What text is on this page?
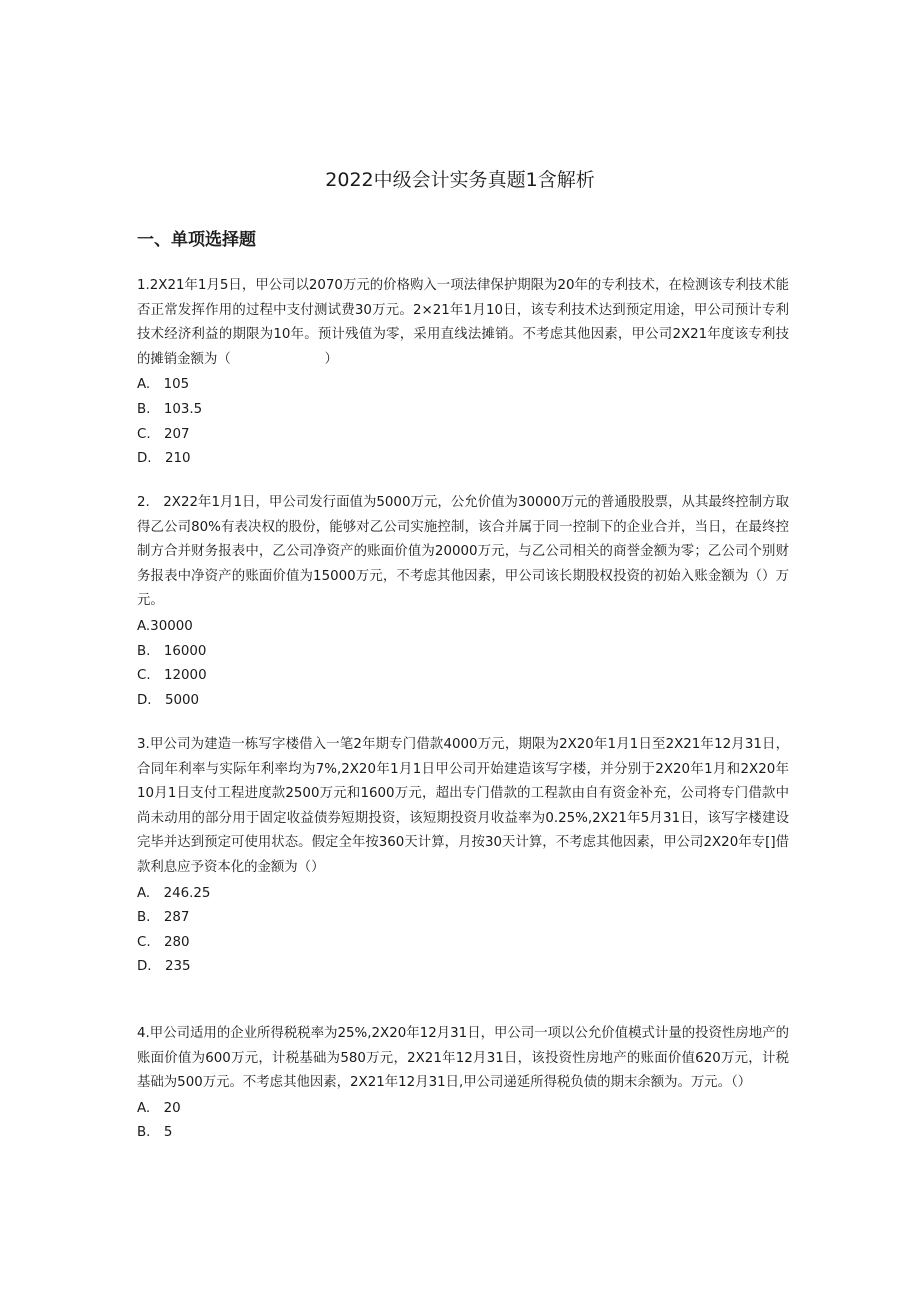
2022中级会计实务真题1含解析
一、单项选择题

1.2X21年1月5日，甲公司以2070万元的价格购入一项法律保护期限为20年的专利技术，在检测该专利技术能否正常发挥作用的过程中支付测试费30万元。2×21年1月10日，该专利技术达到预定用途，甲公司预计专利技术经济利益的期限为10年。预计残值为零，采用直线法摊销。不考虑其他因素，甲公司2X21年度该专利技的摊销金额为（　　　　　　　）

A.　105

B.　103.5

C.　207

D.　210

2.　2X22年1月1日，甲公司发行面值为5000万元，公允价值为30000万元的普通股股票，从其最终控制方取得乙公司80%有表决权的股份，能够对乙公司实施控制，该合并属于同一控制下的企业合并，当日，在最终控制方合并财务报表中，乙公司净资产的账面价值为20000万元，与乙公司相关的商誉金额为零；乙公司个别财务报表中净资产的账面价值为15000万元，不考虑其他因素，甲公司该长期股权投资的初始入账金额为（）万元。

A.30000

B.　16000

C.　12000

D.　5000

3.甲公司为建造一栋写字楼借入一笔2年期专门借款4000万元，期限为2X20年1月1日至2X21年12月31日，合同年利率与实际年利率均为7%,2X20年1月1日甲公司开始建造该写字楼，并分别于2X20年1月和2X20年10月1日支付工程进度款2500万元和1600万元，超出专门借款的工程款由自有资金补充，公司将专门借款中尚未动用的部分用于固定收益债券短期投资，该短期投资月收益率为0.25%,2X21年5月31日，该写字楼建设完毕并达到预定可使用状态。假定全年按360天计算，月按30天计算，不考虑其他因素，甲公司2X20年专[]借款利息应予资本化的金额为（）

A.　246.25

B.　287

C.　280

D.　235

4.甲公司适用的企业所得税税率为25%,2X20年12月31日，甲公司一项以公允价值模式计量的投资性房地产的账面价值为600万元，计税基础为580万元，2X21年12月31日，该投资性房地产的账面价值620万元，计税基础为500万元。不考虑其他因素，2X21年12月31日,甲公司递延所得税负债的期末余额为。万元。（）

A.　20

B.　5
